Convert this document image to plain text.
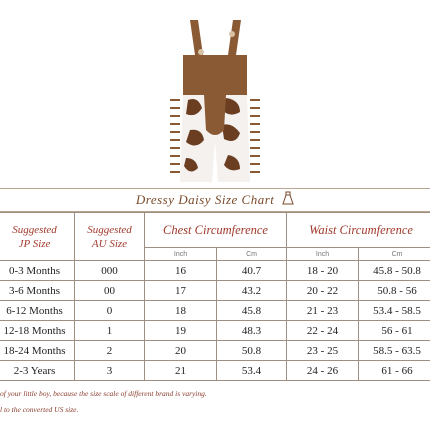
Dressy Daisy Size Chart
Suggested JP Size	Suggested AU Size	Chest Circumference		Waist Circumference	
		Inch	Cm	Inch	Cm
0-3 Months	000	16	40.7	18 - 20	45.8 - 50.8
3-6 Months	00	17	43.2	20 - 22	50.8 - 56
6-12 Months	0	18	45.8	21 - 23	53.4 - 58.5
12-18 Months	1	19	48.3	22 - 24	56 - 61
18-24 Months	2	20	50.8	23 - 25	58.5 - 63.5
2-3 Years	3	21	53.4	24 - 26	61 - 66
of your little boy, because the size scale of different brand is varying.
l to the converted US size.
